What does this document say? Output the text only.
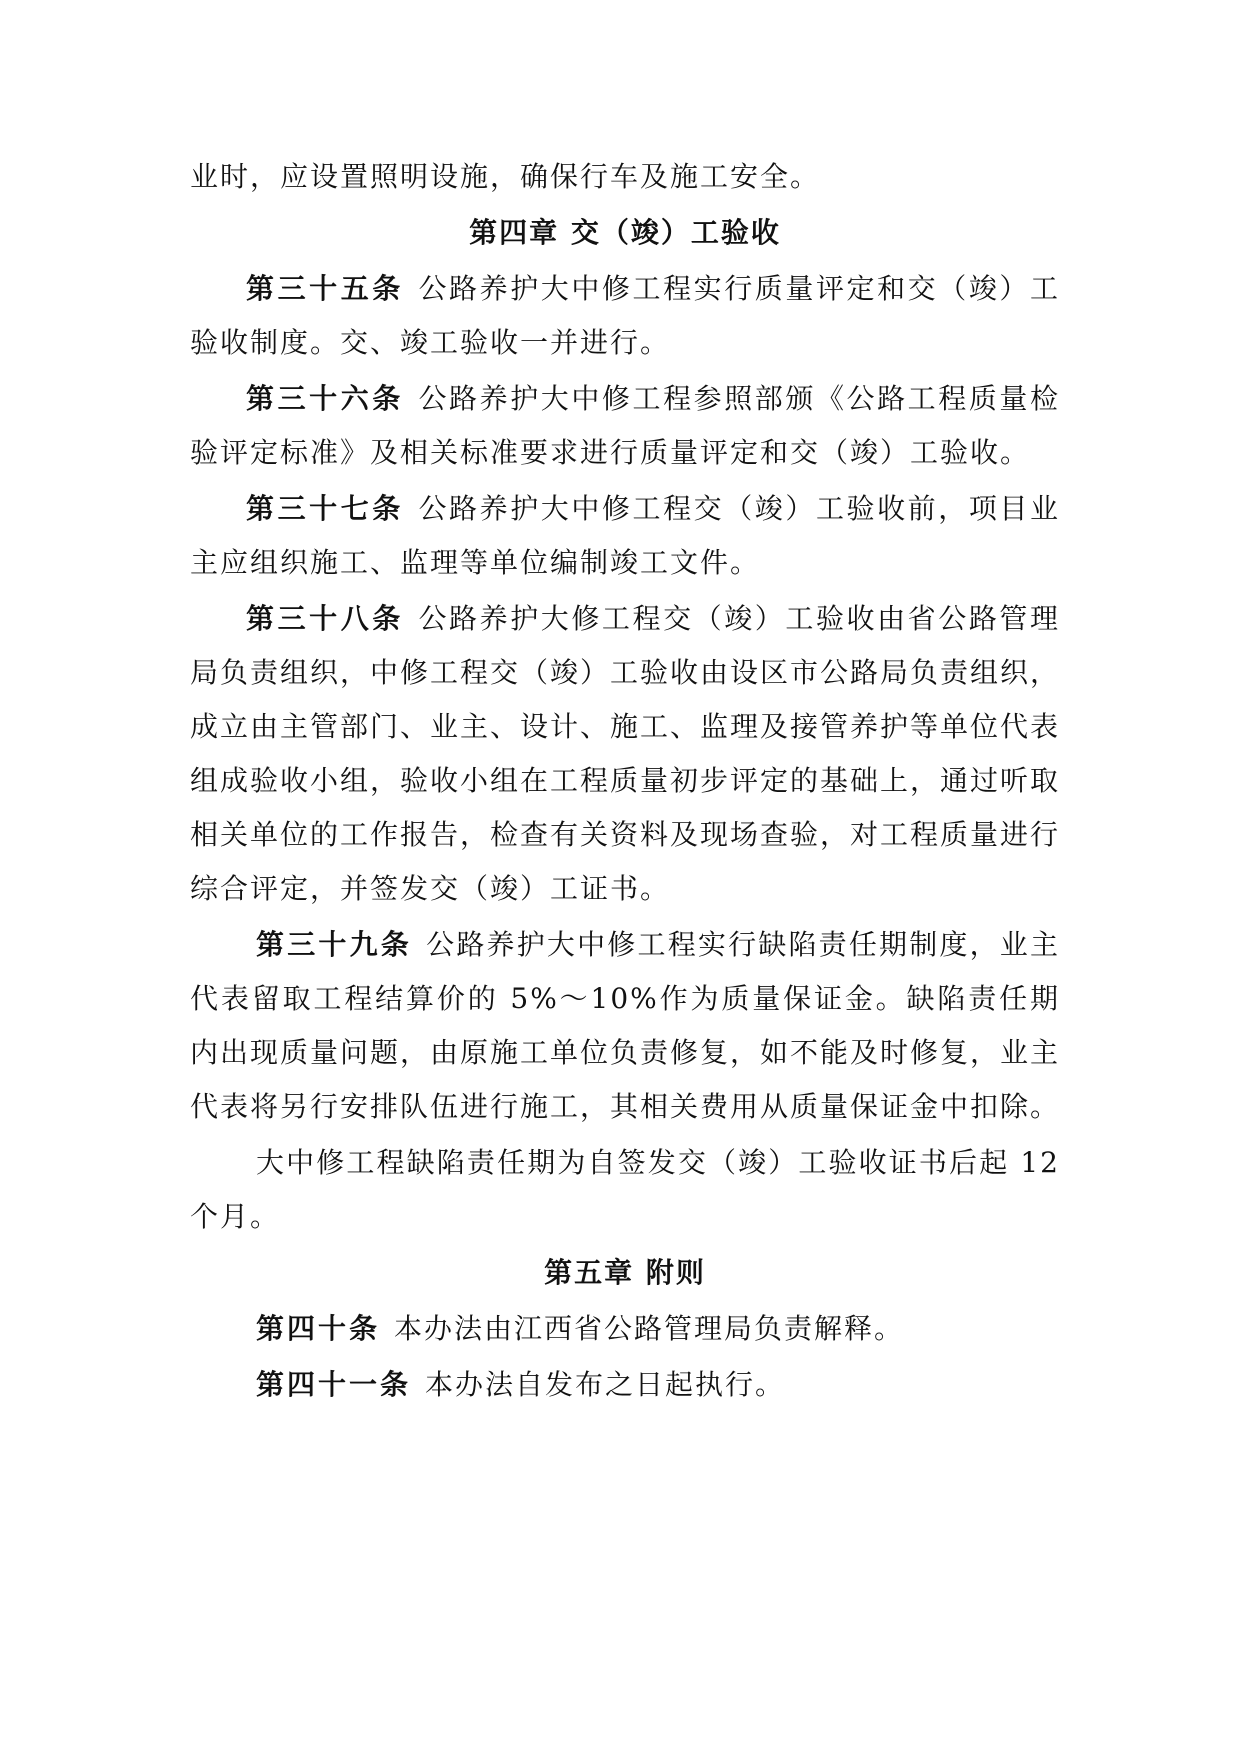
业时，应设置照明设施，确保行车及施工安全。

第四章 交（竣）工验收

第三十五条 公路养护大中修工程实行质量评定和交（竣）工验收制度。交、竣工验收一并进行。

第三十六条 公路养护大中修工程参照部颁《公路工程质量检验评定标准》及相关标准要求进行质量评定和交（竣）工验收。

第三十七条 公路养护大中修工程交（竣）工验收前，项目业主应组织施工、监理等单位编制竣工文件。

第三十八条 公路养护大修工程交（竣）工验收由省公路管理局负责组织，中修工程交（竣）工验收由设区市公路局负责组织，成立由主管部门、业主、设计、施工、监理及接管养护等单位代表组成验收小组，验收小组在工程质量初步评定的基础上，通过听取相关单位的工作报告，检查有关资料及现场查验，对工程质量进行综合评定，并签发交（竣）工证书。

第三十九条 公路养护大中修工程实行缺陷责任期制度，业主代表留取工程结算价的 5%～10%作为质量保证金。缺陷责任期内出现质量问题，由原施工单位负责修复，如不能及时修复，业主代表将另行安排队伍进行施工，其相关费用从质量保证金中扣除。

大中修工程缺陷责任期为自签发交（竣）工验收证书后起 12 个月。

第五章 附则

第四十条 本办法由江西省公路管理局负责解释。

第四十一条 本办法自发布之日起执行。
